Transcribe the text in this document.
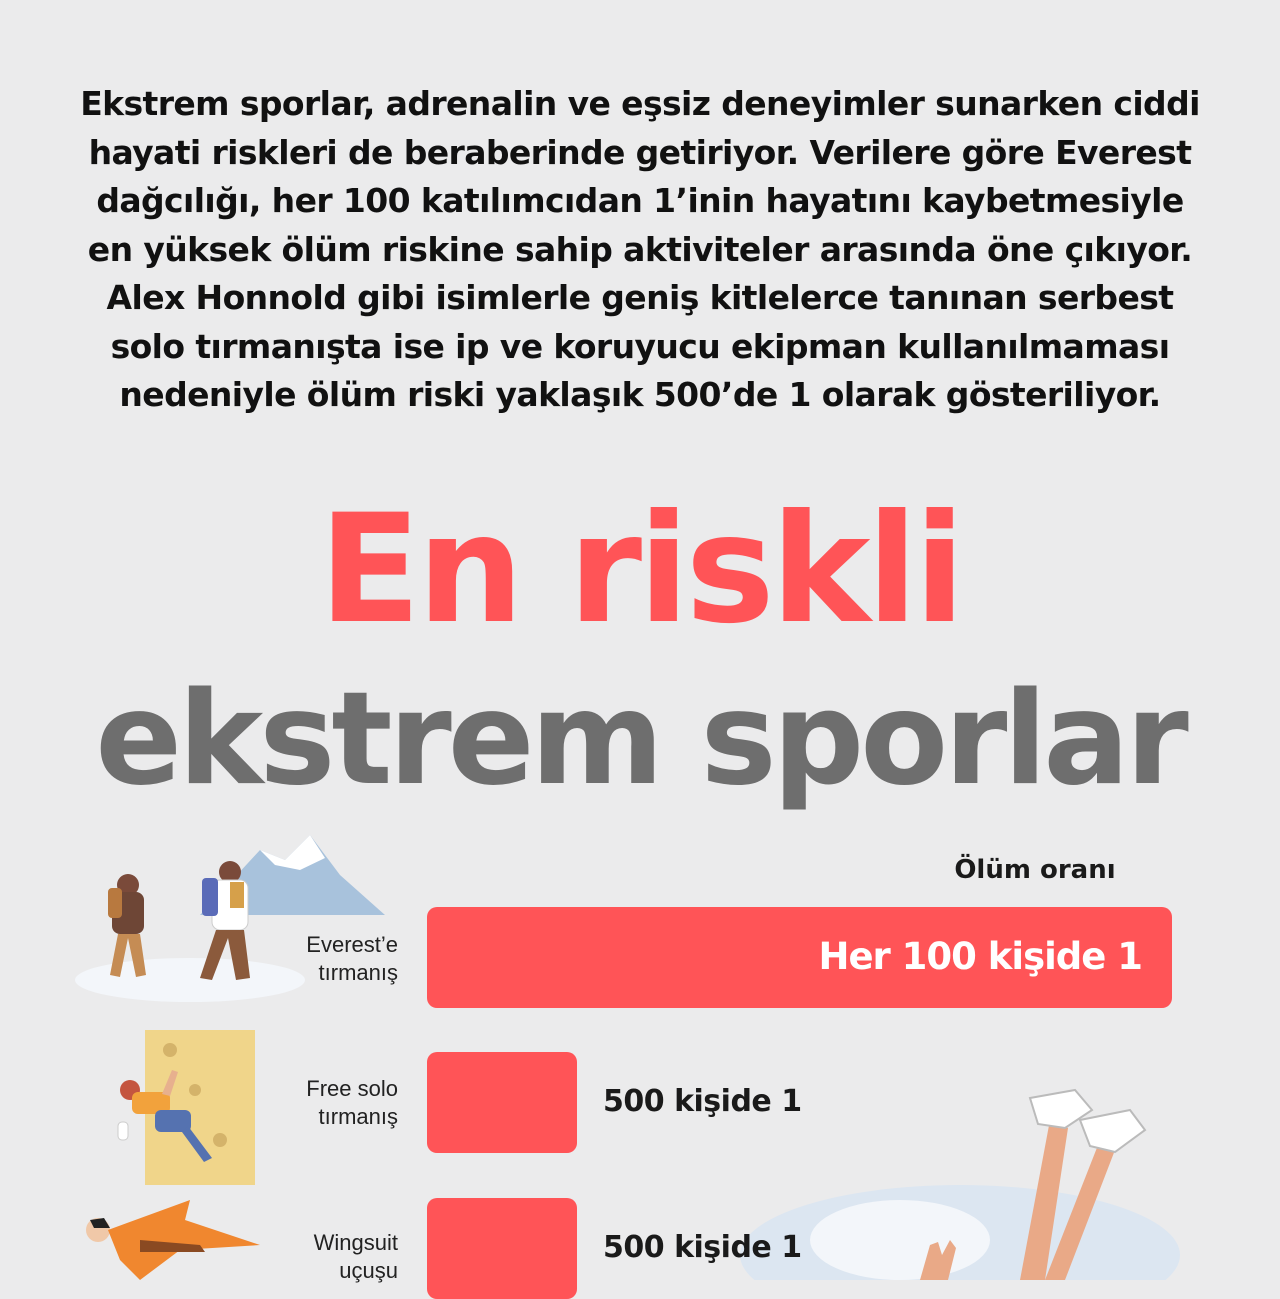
Ekstrem sporlar, adrenalin ve eşsiz deneyimler sunarken ciddi hayati riskleri de beraberinde getiriyor. Verilere göre Everest dağcılığı, her 100 katılımcıdan 1’inin hayatını kaybetmesiyle en yüksek ölüm riskine sahip aktiviteler arasında öne çıkıyor. Alex Honnold gibi isimlerle geniş kitlelerce tanınan serbest solo tırmanışta ise ip ve koruyucu ekipman kullanılmaması nedeniyle ölüm riski yaklaşık 500’de 1 olarak gösteriliyor.

En riskli
ekstrem sporlar
Ölüm oranı
Everest’e
tırmanış
Free solo
tırmanış
Wingsuit
uçuşu
Her 100 kişide 1
500 kişide 1
500 kişide 1
